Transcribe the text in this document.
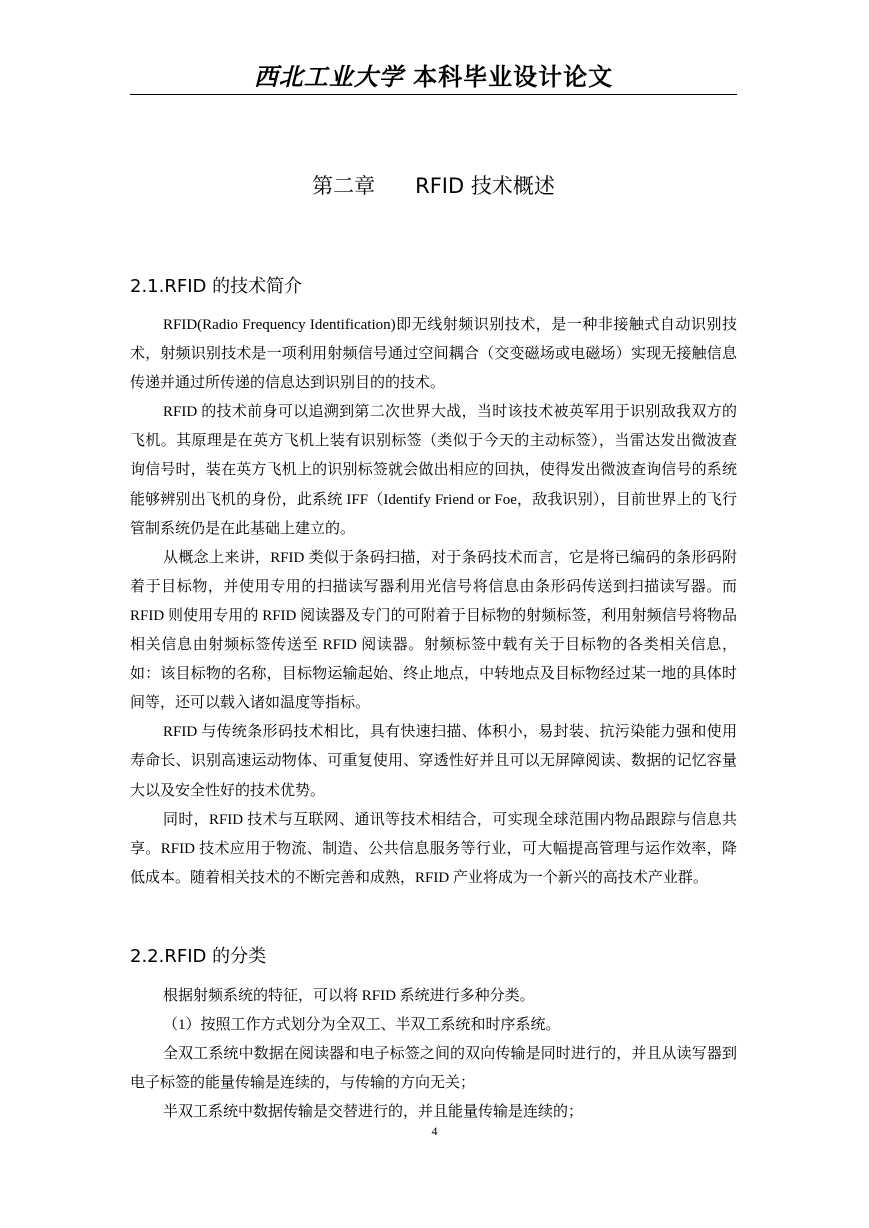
西北工业大学 本科毕业设计论文
第二章 RFID 技术概述
2.1.RFID 的技术简介

RFID(Radio Frequency Identification)即无线射频识别技术，是一种非接触式自动识别技术，射频识别技术是一项利用射频信号通过空间耦合（交变磁场或电磁场）实现无接触信息传递并通过所传递的信息达到识别目的的技术。

RFID 的技术前身可以追溯到第二次世界大战，当时该技术被英军用于识别敌我双方的飞机。其原理是在英方飞机上装有识别标签（类似于今天的主动标签），当雷达发出微波查询信号时，装在英方飞机上的识别标签就会做出相应的回执，使得发出微波查询信号的系统能够辨别出飞机的身份，此系统 IFF（Identify Friend or Foe，敌我识别），目前世界上的飞行管制系统仍是在此基础上建立的。

从概念上来讲，RFID 类似于条码扫描，对于条码技术而言，它是将已编码的条形码附着于目标物，并使用专用的扫描读写器利用光信号将信息由条形码传送到扫描读写器。而 RFID 则使用专用的 RFID 阅读器及专门的可附着于目标物的射频标签，利用射频信号将物品相关信息由射频标签传送至 RFID 阅读器。射频标签中载有关于目标物的各类相关信息，如：该目标物的名称，目标物运输起始、终止地点，中转地点及目标物经过某一地的具体时间等，还可以载入诸如温度等指标。

RFID 与传统条形码技术相比，具有快速扫描、体积小，易封装、抗污染能力强和使用寿命长、识别高速运动物体、可重复使用、穿透性好并且可以无屏障阅读、数据的记忆容量大以及安全性好的技术优势。

同时，RFID 技术与互联网、通讯等技术相结合，可实现全球范围内物品跟踪与信息共享。RFID 技术应用于物流、制造、公共信息服务等行业，可大幅提高管理与运作效率，降低成本。随着相关技术的不断完善和成熟，RFID 产业将成为一个新兴的高技术产业群。

2.2.RFID 的分类

根据射频系统的特征，可以将 RFID 系统进行多种分类。

（1）按照工作方式划分为全双工、半双工系统和时序系统。

全双工系统中数据在阅读器和电子标签之间的双向传输是同时进行的，并且从读写器到电子标签的能量传输是连续的，与传输的方向无关；

半双工系统中数据传输是交替进行的，并且能量传输是连续的；

4
